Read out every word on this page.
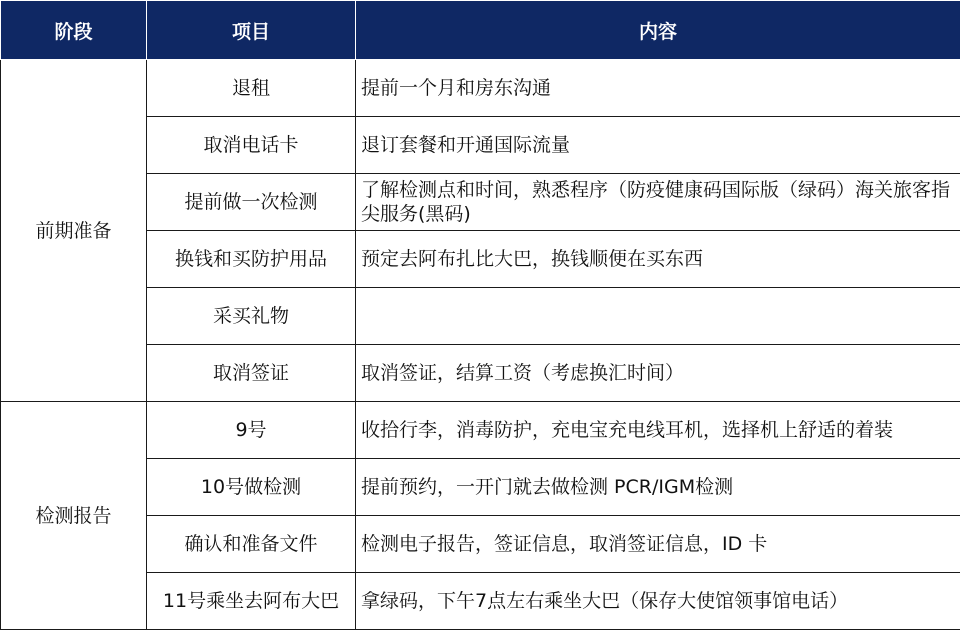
阶段	项目	内容
前期准备	退租	提前一个月和房东沟通
	取消电话卡	退订套餐和开通国际流量
	提前做一次检测	了解检测点和时间，熟悉程序（防疫健康码国际版（绿码）海关旅客指尖服务(黑码)
	换钱和买防护用品	预定去阿布扎比大巴，换钱顺便在买东西
	采买礼物	
	取消签证	取消签证，结算工资（考虑换汇时间）
检测报告	9号	收拾行李，消毒防护，充电宝充电线耳机，选择机上舒适的着装
	10号做检测	提前预约，一开门就去做检测 PCR/IGM检测
	确认和准备文件	检测电子报告，签证信息，取消签证信息，ID 卡
	11号乘坐去阿布大巴	拿绿码，下午7点左右乘坐大巴（保存大使馆领事馆电话）
